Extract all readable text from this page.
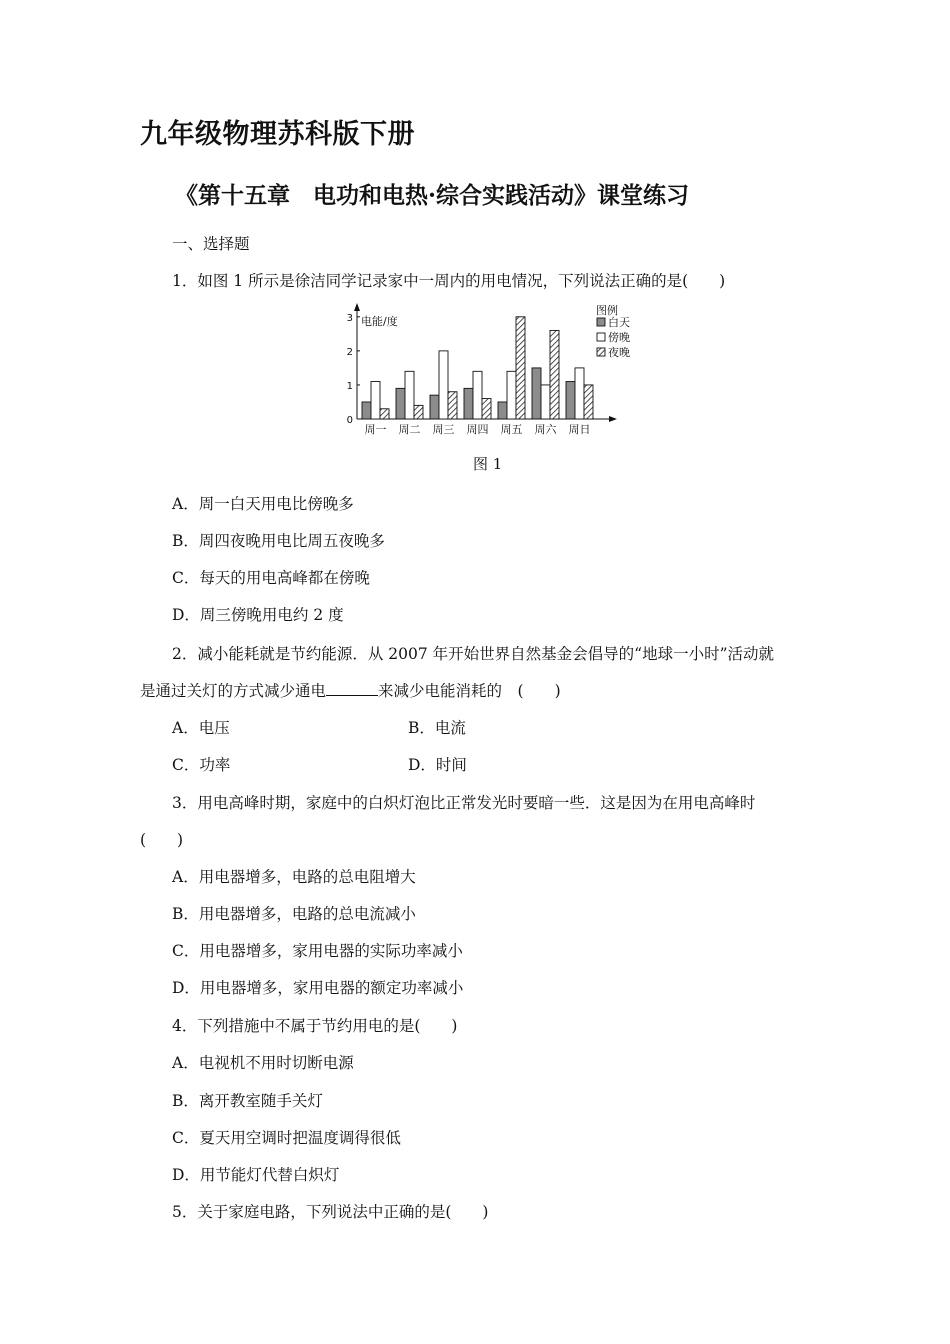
九年级物理苏科版下册
《第十五章　电功和电热·综合实践活动》课堂练习
一、选择题
1．如图 1 所示是徐洁同学记录家中一周内的用电情况，下列说法正确的是(　　)
0
1
2
3 电能/度
周一 周二 周三 周四 周五 周六 周日
图例
白天
傍晚
夜晚
图 1
A．周一白天用电比傍晚多
B．周四夜晚用电比周五夜晚多
C．每天的用电高峰都在傍晚
D．周三傍晚用电约 2 度
2．减小能耗就是节约能源．从 2007 年开始世界自然基金会倡导的“地球一小时”活动就
是通过关灯的方式减少通电	来减少电能消耗的　(　　)
A．电压	B．电流
C．功率	D．时间
3．用电高峰时期，家庭中的白炽灯泡比正常发光时要暗一些．这是因为在用电高峰时
(　　)
A．用电器增多，电路的总电阻增大
B．用电器增多，电路的总电流减小
C．用电器增多，家用电器的实际功率减小
D．用电器增多，家用电器的额定功率减小
4．下列措施中不属于节约用电的是(　　)
A．电视机不用时切断电源
B．离开教室随手关灯
C．夏天用空调时把温度调得很低
D．用节能灯代替白炽灯
5．关于家庭电路，下列说法中正确的是(　　)
